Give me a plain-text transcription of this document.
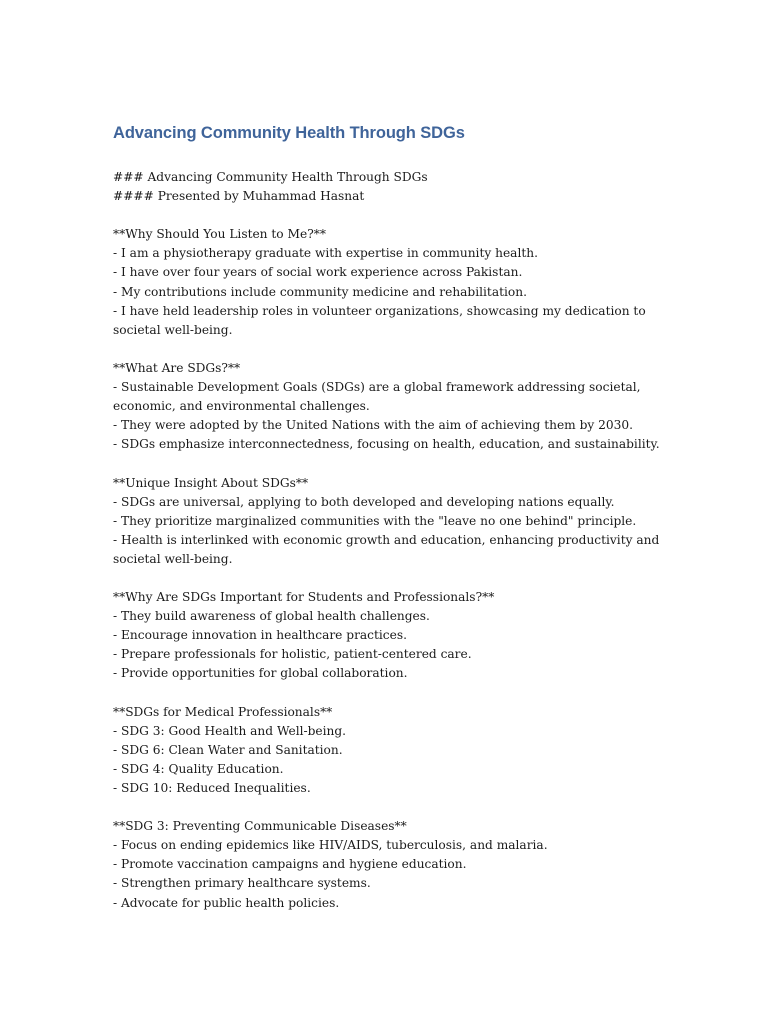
Advancing Community Health Through SDGs
### Advancing Community Health Through SDGs
#### Presented by Muhammad Hasnat
**Why Should You Listen to Me?**
- I am a physiotherapy graduate with expertise in community health.
- I have over four years of social work experience across Pakistan.
- My contributions include community medicine and rehabilitation.
- I have held leadership roles in volunteer organizations, showcasing my dedication to
societal well-being.
**What Are SDGs?**
- Sustainable Development Goals (SDGs) are a global framework addressing societal,
economic, and environmental challenges.
- They were adopted by the United Nations with the aim of achieving them by 2030.
- SDGs emphasize interconnectedness, focusing on health, education, and sustainability.
**Unique Insight About SDGs**
- SDGs are universal, applying to both developed and developing nations equally.
- They prioritize marginalized communities with the "leave no one behind" principle.
- Health is interlinked with economic growth and education, enhancing productivity and
societal well-being.
**Why Are SDGs Important for Students and Professionals?**
- They build awareness of global health challenges.
- Encourage innovation in healthcare practices.
- Prepare professionals for holistic, patient-centered care.
- Provide opportunities for global collaboration.
**SDGs for Medical Professionals**
- SDG 3: Good Health and Well-being.
- SDG 6: Clean Water and Sanitation.
- SDG 4: Quality Education.
- SDG 10: Reduced Inequalities.
**SDG 3: Preventing Communicable Diseases**
- Focus on ending epidemics like HIV/AIDS, tuberculosis, and malaria.
- Promote vaccination campaigns and hygiene education.
- Strengthen primary healthcare systems.
- Advocate for public health policies.
